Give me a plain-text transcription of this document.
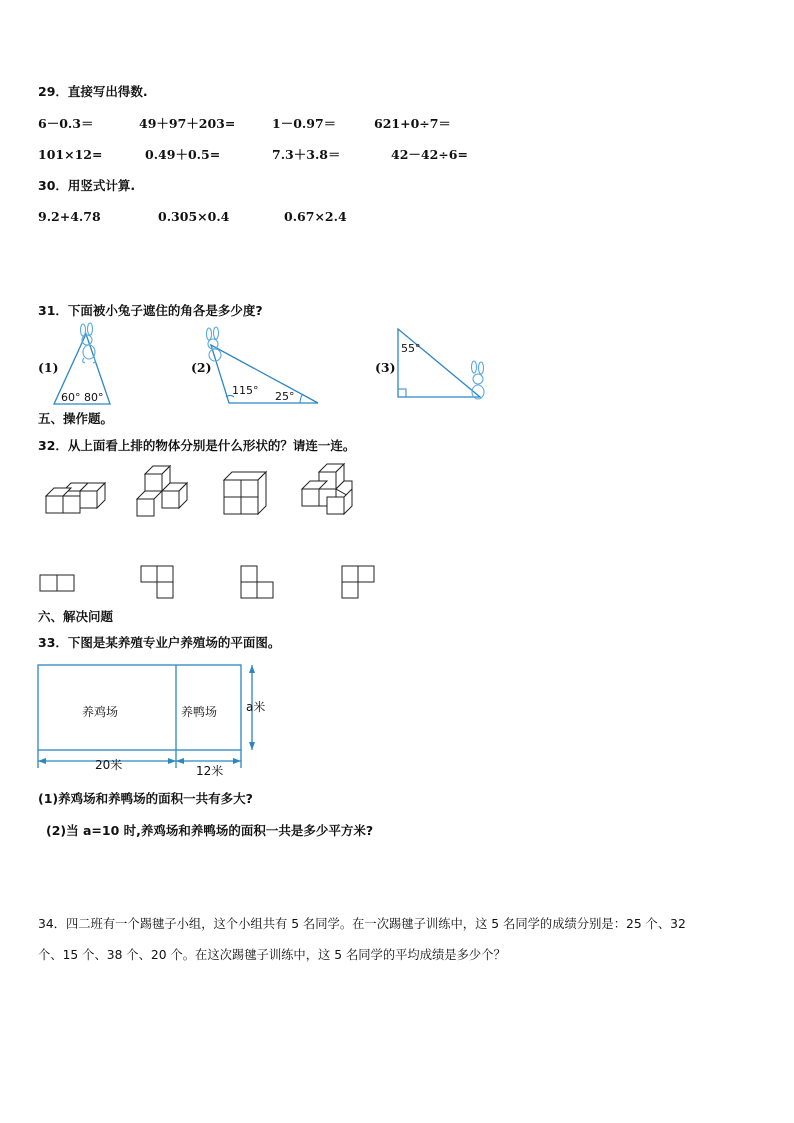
29．直接写出得数.
6－0.3＝	49＋97＋203=	1－0.97＝	621+0÷7＝
101×12=	0.49＋0.5=	7.3＋3.8＝	42－42÷6=
30．用竖式计算.
9.2+4.78	0.305×0.4	0.67×2.4
31．下面被小兔子遮住的角各是多少度?
(1)	(2)	(3)
60° 80°
115° 25°
55°
五、操作题。
32．从上面看上排的物体分别是什么形状的？请连一连。
六、解决问题
33．下图是某养殖专业户养殖场的平面图。
养鸡场	养鸭场 a米
20米	12米
(1)养鸡场和养鸭场的面积一共有多大?
(2)当 a=10 时,养鸡场和养鸭场的面积一共是多少平方米?
34．四二班有一个踢毽子小组，这个小组共有 5 名同学。在一次踢毽子训练中，这 5 名同学的成绩分别是：25 个、32
个、15 个、38 个、20 个。在这次踢毽子训练中，这 5 名同学的平均成绩是多少个？
